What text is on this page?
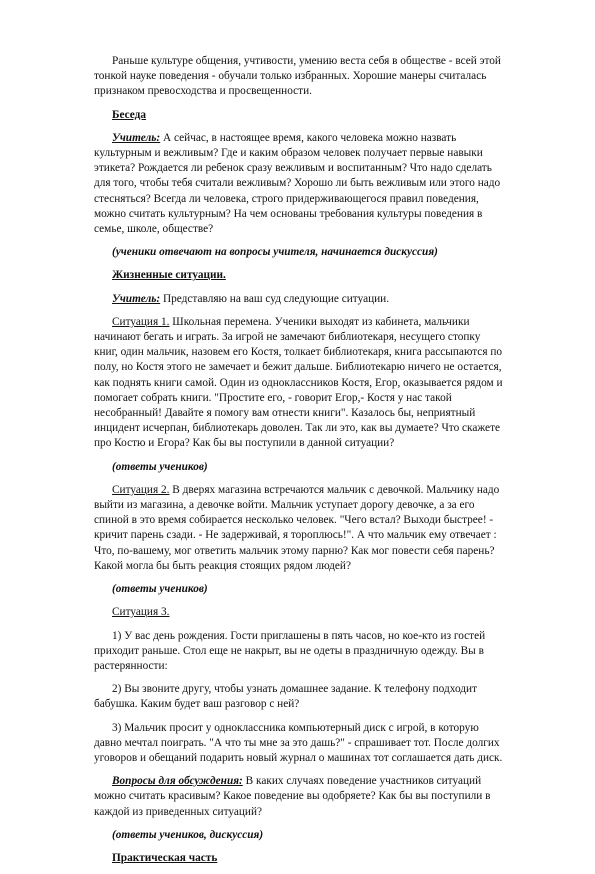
Раньше культуре общения, учтивости, умению веста себя в обществе - всей этой тонкой науке поведения - обучали только избранных. Хорошие манеры считалась признаком превосходства и просвещенности.

Беседа

Учитель: А сейчас, в настоящее время, какого человека можно назвать культурным и вежливым? Где и каким образом человек получает первые навыки этикета? Рождается ли ребенок сразу вежливым и воспитанным? Что надо сделать для того, чтобы тебя считали вежливым? Хорошо ли быть вежливым или этого надо стесняться? Всегда ли человека, строго придерживающегося правил поведения, можно считать культурным? На чем основаны требования культуры поведения в семье, школе, обществе?

(ученики отвечают на вопросы учителя, начинается дискуссия)

Жизненные ситуации.

Учитель: Представляю на ваш суд следующие ситуации.

Ситуация 1. Школьная перемена. Ученики выходят из кабинета, мальчики начинают бегать и играть. За игрой не замечают библиотекаря, несущего стопку книг, один мальчик, назовем его Костя, толкает библиотекаря, книга рассыпаются по полу, но Костя этого не замечает и бежит дальше. Библиотекарю ничего не остается, как поднять книги самой. Один из одноклассников Костя, Егор, оказывается рядом и помогает собрать книги. "Простите его, - говорит Егор,- Костя у нас такой несобранный! Давайте я помогу вам отнести книги". Казалось бы, неприятный инцидент исчерпан, библиотекарь доволен. Так ли это, как вы думаете? Что скажете про Костю и Егора? Как бы вы поступили в данной ситуации?

(ответы учеников)

Ситуация 2. В дверях магазина встречаются мальчик с девочкой. Мальчику надо выйти из магазина, а девочке войти. Мальчик уступает дорогу девочке, а за его спиной в это время собирается несколько человек. "Чего встал? Выходи быстрее! - кричит парень сзади. - Не задерживай, я тороплюсь!". А что мальчик ему отвечает : Что, по-вашему, мог ответить мальчик этому парню? Как мог повести себя парень? Какой могла бы быть реакция стоящих рядом людей?

(ответы учеников)

Ситуация 3.

1) У вас день рождения. Гости приглашены в пять часов, но кое-кто из гостей приходит раньше. Стол еще не накрыт, вы не одеты в праздничную одежду. Вы в растерянности:

2) Вы звоните другу, чтобы узнать домашнее задание. К телефону подходит бабушка. Каким будет ваш разговор с ней?

3) Мальчик просит у одноклассника компьютерный диск с игрой, в которую давно мечтал поиграть. "А что ты мне за это дашь?" - спрашивает тот. После долгих уговоров и обещаний подарить новый журнал о машинах тот соглашается дать диск.

Вопросы для обсуждения: В каких случаях поведение участников ситуаций можно считать красивым? Какое поведение вы одобряете? Как бы вы поступили в каждой из приведенных ситуаций?

(ответы учеников, дискуссия)

Практическая часть
